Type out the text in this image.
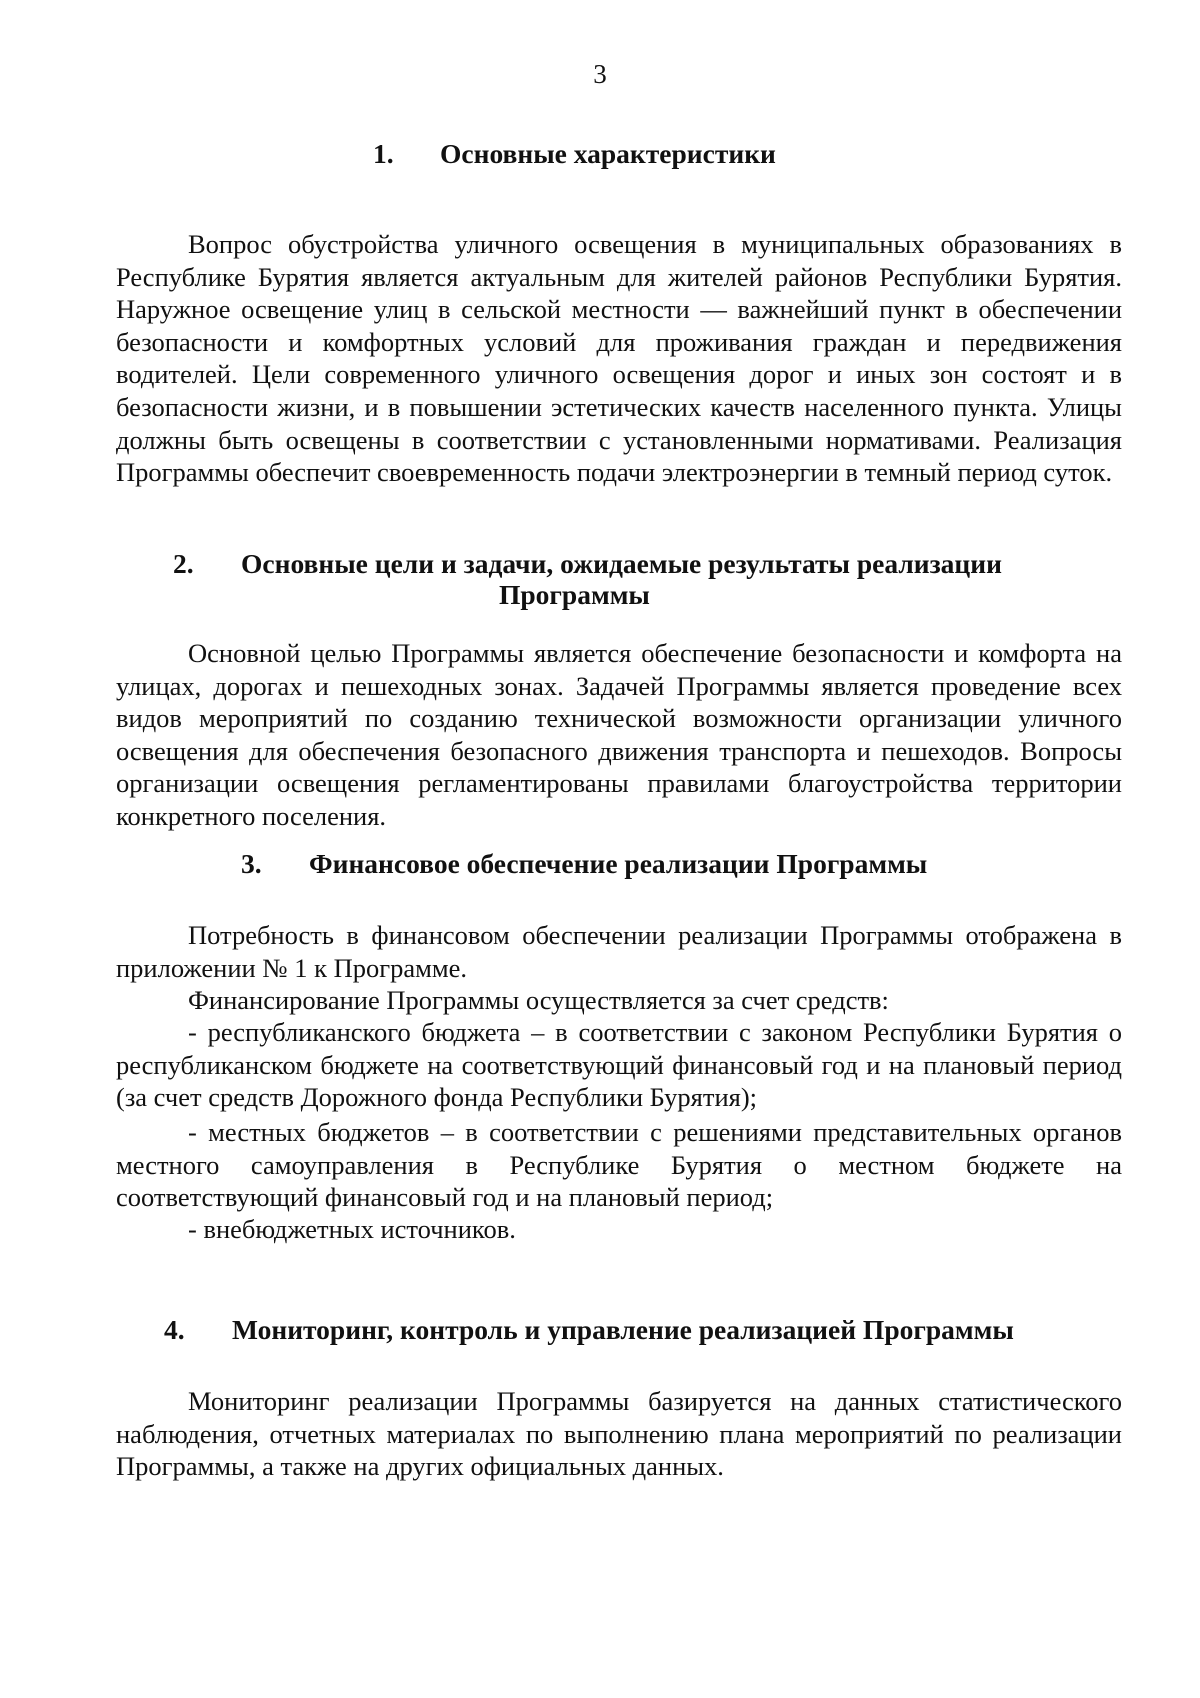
3
1. Основные характеристики

Вопрос обустройства уличного освещения в муниципальных образованиях в Республике Бурятия является актуальным для жителей районов Республики Бурятия. Наружное освещение улиц в сельской местности — важнейший пункт в обеспечении безопасности и комфортных условий для проживания граждан и передвижения водителей. Цели современного уличного освещения дорог и иных зон состоят и в безопасности жизни, и в повышении эстетических качеств населенного пункта. Улицы должны быть освещены в соответствии с установленными нормативами. Реализация Программы обеспечит своевременность подачи электроэнергии в темный период суток.

2. Основные цели и задачи, ожидаемые результаты реализации
Программы

Основной целью Программы является обеспечение безопасности и комфорта на улицах, дорогах и пешеходных зонах. Задачей Программы является проведение всех видов мероприятий по созданию технической возможности организации уличного освещения для обеспечения безопасного движения транспорта и пешеходов. Вопросы организации освещения регламентированы правилами благоустройства территории конкретного поселения.

3. Финансовое обеспечение реализации Программы

Потребность в финансовом обеспечении реализации Программы отображена в приложении № 1 к Программе.

Финансирование Программы осуществляется за счет средств:

- республиканского бюджета – в соответствии с законом Республики Бурятия о республиканском бюджете на соответствующий финансовый год и на плановый период (за счет средств Дорожного фонда Республики Бурятия);

- местных бюджетов – в соответствии с решениями представительных органов местного самоуправления в Республике Бурятия о местном бюджете на соответствующий финансовый год и на плановый период;

- внебюджетных источников.

4. Мониторинг, контроль и управление реализацией Программы

Мониторинг реализации Программы базируется на данных статистического наблюдения, отчетных материалах по выполнению плана мероприятий по реализации Программы, а также на других официальных данных.
